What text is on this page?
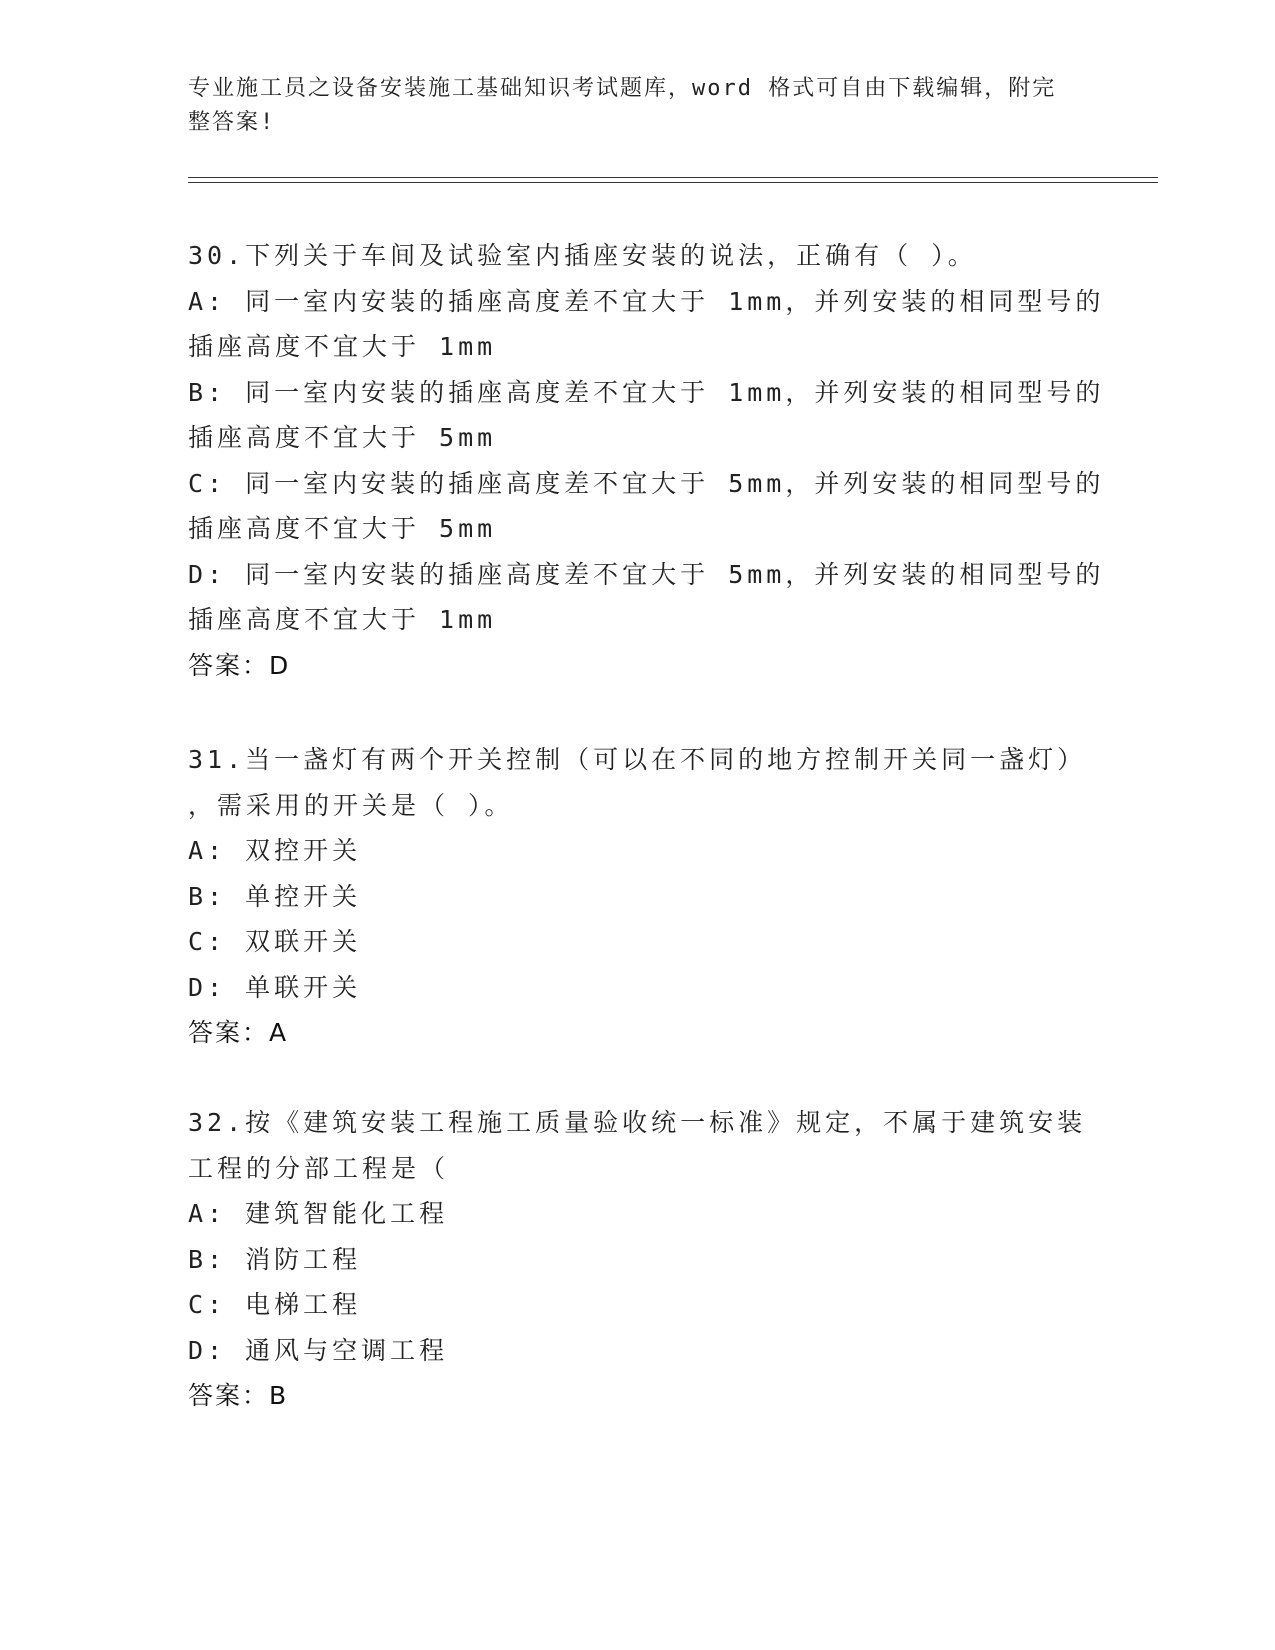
专业施工员之设备安装施工基础知识考试题库，word 格式可自由下载编辑，附完
整答案!
30.下列关于车间及试验室内插座安装的说法，正确有（ ）。
A: 同一室内安装的插座高度差不宜大于 1mm，并列安装的相同型号的
插座高度不宜大于 1mm
B: 同一室内安装的插座高度差不宜大于 1mm，并列安装的相同型号的
插座高度不宜大于 5mm
C: 同一室内安装的插座高度差不宜大于 5mm，并列安装的相同型号的
插座高度不宜大于 5mm
D: 同一室内安装的插座高度差不宜大于 5mm，并列安装的相同型号的
插座高度不宜大于 1mm
答案：D
31.当一盏灯有两个开关控制（可以在不同的地方控制开关同一盏灯）
，需采用的开关是（ ）。
A: 双控开关
B: 单控开关
C: 双联开关
D: 单联开关
答案：A
32.按《建筑安装工程施工质量验收统一标准》规定，不属于建筑安装
工程的分部工程是（
A: 建筑智能化工程
B: 消防工程
C: 电梯工程
D: 通风与空调工程
答案：B
